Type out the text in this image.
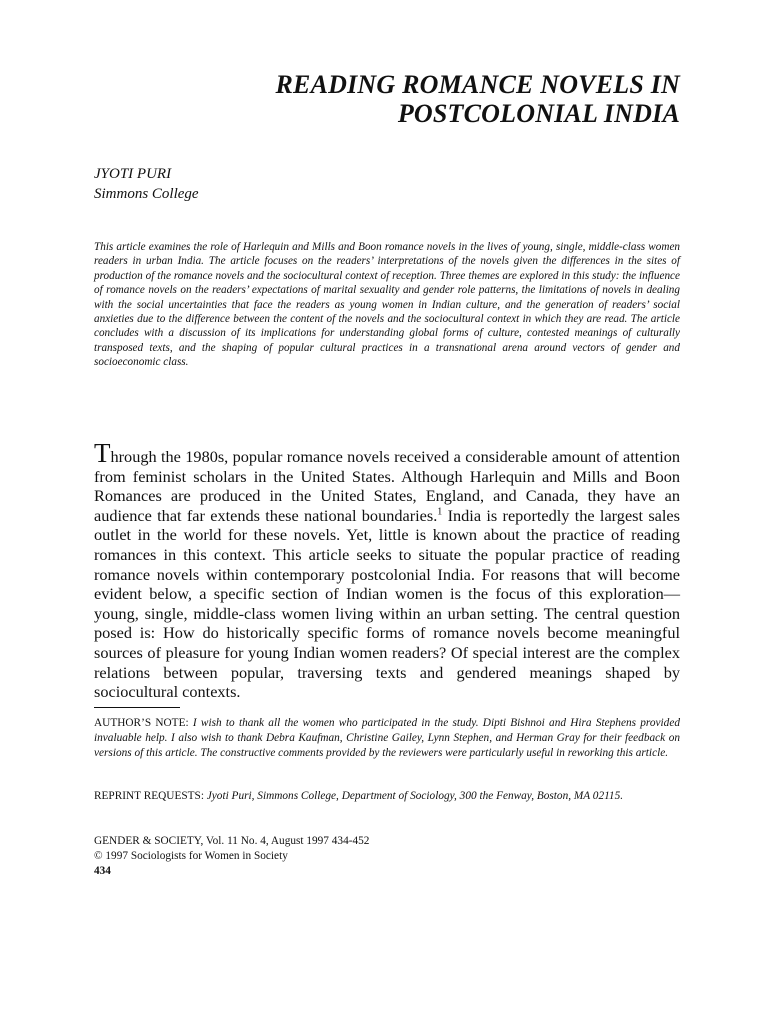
READING ROMANCE NOVELS IN
POSTCOLONIAL INDIA
JYOTI PURI
Simmons College

This article examines the role of Harlequin and Mills and Boon romance novels in the lives of young, single, middle-class women readers in urban India. The article focuses on the readers’ interpretations of the novels given the differences in the sites of production of the romance novels and the sociocultural context of reception. Three themes are explored in this study: the influence of romance novels on the readers’ expectations of marital sexuality and gender role patterns, the limitations of novels in dealing with the social uncertainties that face the readers as young women in Indian culture, and the generation of readers’ social anxieties due to the difference between the content of the novels and the sociocultural context in which they are read. The article concludes with a discussion of its implications for understanding global forms of culture, contested meanings of culturally transposed texts, and the shaping of popular cultural practices in a transnational arena around vectors of gender and socioeconomic class.

Through the 1980s, popular romance novels received a considerable amount of attention from feminist scholars in the United States. Although Harlequin and Mills and Boon Romances are produced in the United States, England, and Canada, they have an audience that far extends these national boundaries.$^1$ India is reportedly the largest sales outlet in the world for these novels. Yet, little is known about the practice of reading romances in this context. This article seeks to situate the popular practice of reading romance novels within contemporary postcolonial India. For reasons that will become evident below, a specific section of Indian women is the focus of this exploration—young, single, middle-class women living within an urban setting. The central question posed is: How do historically specific forms of romance novels become meaningful sources of pleasure for young Indian women readers? Of special interest are the complex relations between popular, traversing texts and gendered meanings shaped by sociocultural contexts.

AUTHOR’S NOTE: I wish to thank all the women who participated in the study. Dipti Bishnoi and Hira Stephens provided invaluable help. I also wish to thank Debra Kaufman, Christine Gailey, Lynn Stephen, and Herman Gray for their feedback on versions of this article. The constructive comments provided by the reviewers were particularly useful in reworking this article.

REPRINT REQUESTS: Jyoti Puri, Simmons College, Department of Sociology, 300 the Fenway, Boston, MA 02115.

GENDER & SOCIETY, Vol. 11 No. 4, August 1997 434-452
© 1997 Sociologists for Women in Society
434
